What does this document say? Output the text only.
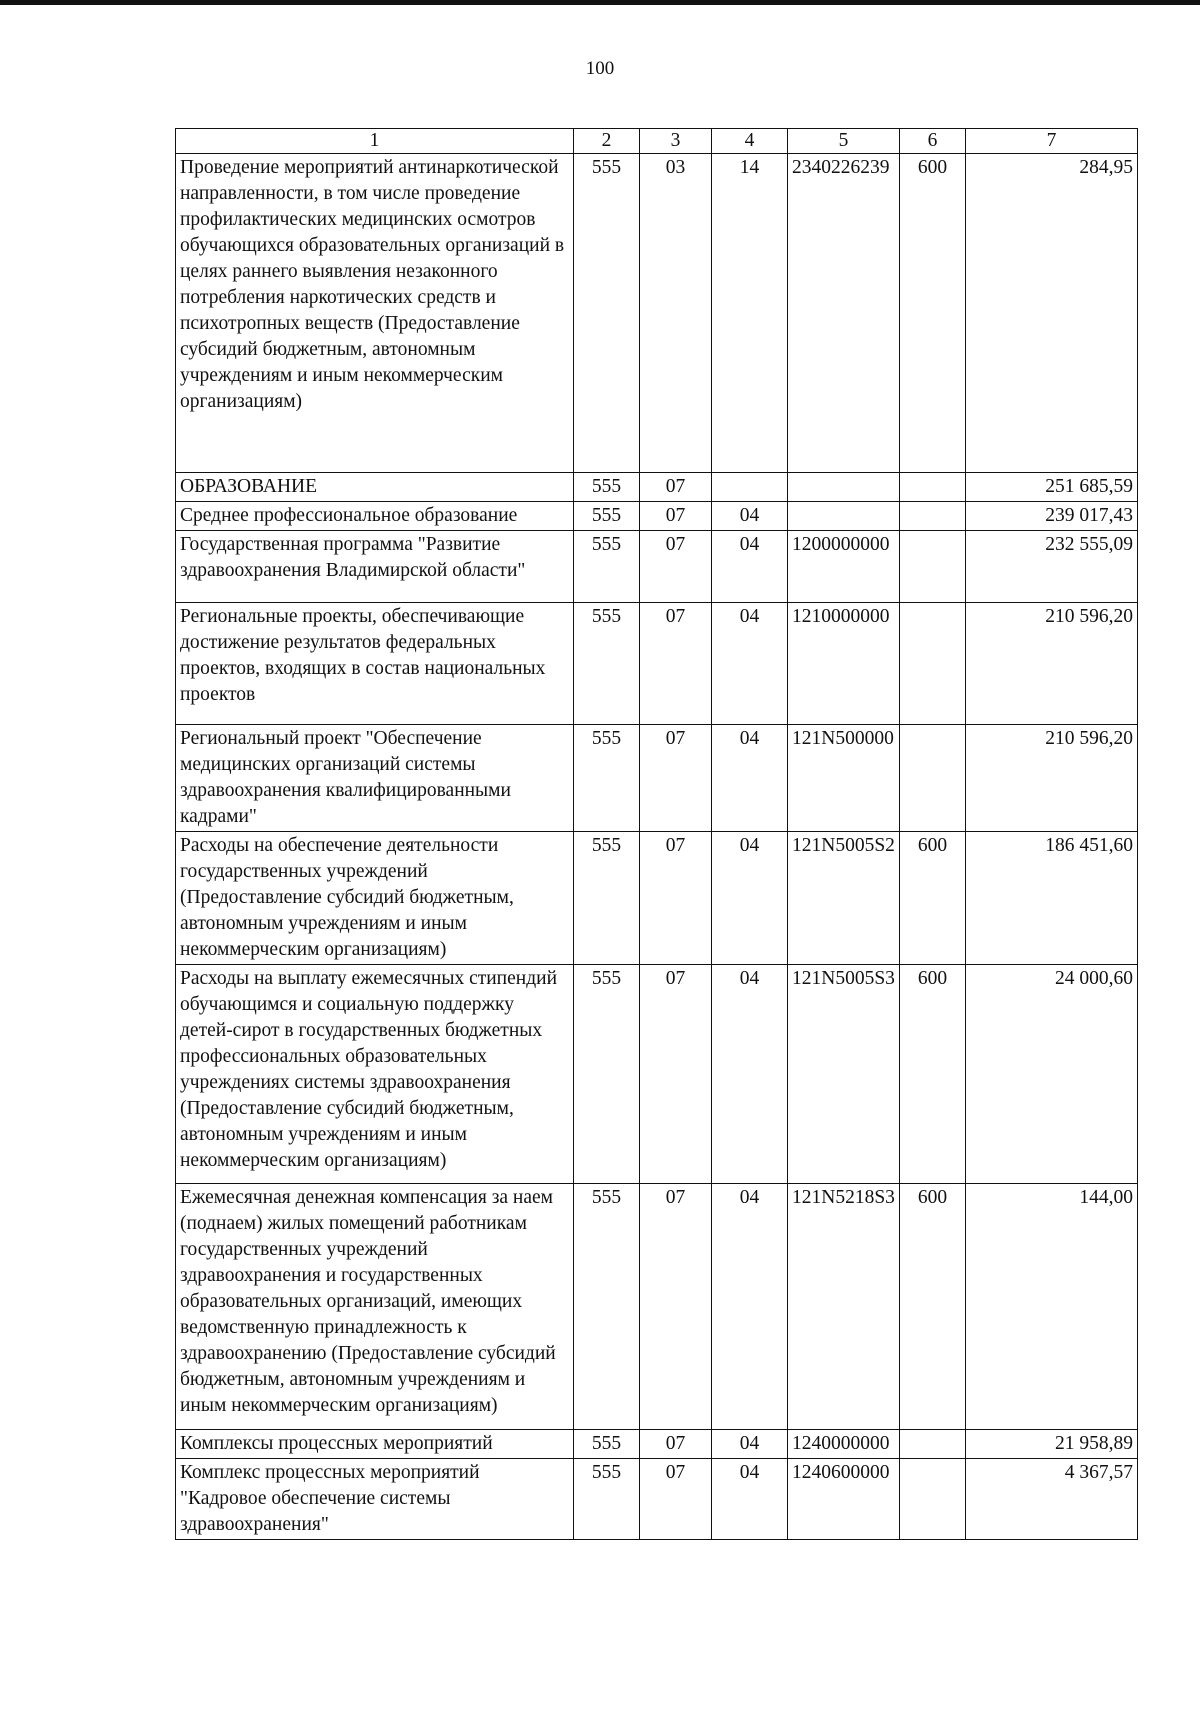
100
1	2	3	4	5	6	7
Проведение мероприятий антинаркотической направленности, в том числе проведение профилактических медицинских осмотров обучающихся образовательных организаций в целях раннего выявления незаконного потребления наркотических средств и психотропных веществ (Предоставление субсидий бюджетным, автономным учреждениям и иным некоммерческим организациям)	555	03	14	2340226239	600	284,95
ОБРАЗОВАНИЕ	555	07				251 685,59
Среднее профессиональное образование	555	07	04			239 017,43
Государственная программа "Развитие здравоохранения Владимирской области"	555	07	04	1200000000		232 555,09
Региональные проекты, обеспечивающие достижение результатов федеральных проектов, входящих в состав национальных проектов	555	07	04	1210000000		210 596,20
Региональный проект "Обеспечение медицинских организаций системы здравоохранения квалифицированными кадрами"	555	07	04	121N500000		210 596,20
Расходы на обеспечение деятельности государственных учреждений (Предоставление субсидий бюджетным, автономным учреждениям и иным некоммерческим организациям)	555	07	04	121N5005S2	600	186 451,60
Расходы на выплату ежемесячных стипендий обучающимся и социальную поддержку детей-сирот в государственных бюджетных профессиональных образовательных учреждениях системы здравоохранения (Предоставление субсидий бюджетным, автономным учреждениям и иным некоммерческим организациям)	555	07	04	121N5005S3	600	24 000,60
Ежемесячная денежная компенсация за наем (поднаем) жилых помещений работникам государственных учреждений здравоохранения и государственных образовательных организаций, имеющих ведомственную принадлежность к здравоохранению (Предоставление субсидий бюджетным, автономным учреждениям и иным некоммерческим организациям)	555	07	04	121N5218S3	600	144,00
Комплексы процессных мероприятий	555	07	04	1240000000		21 958,89
Комплекс процессных мероприятий "Кадровое обеспечение системы здравоохранения"	555	07	04	1240600000		4 367,57
